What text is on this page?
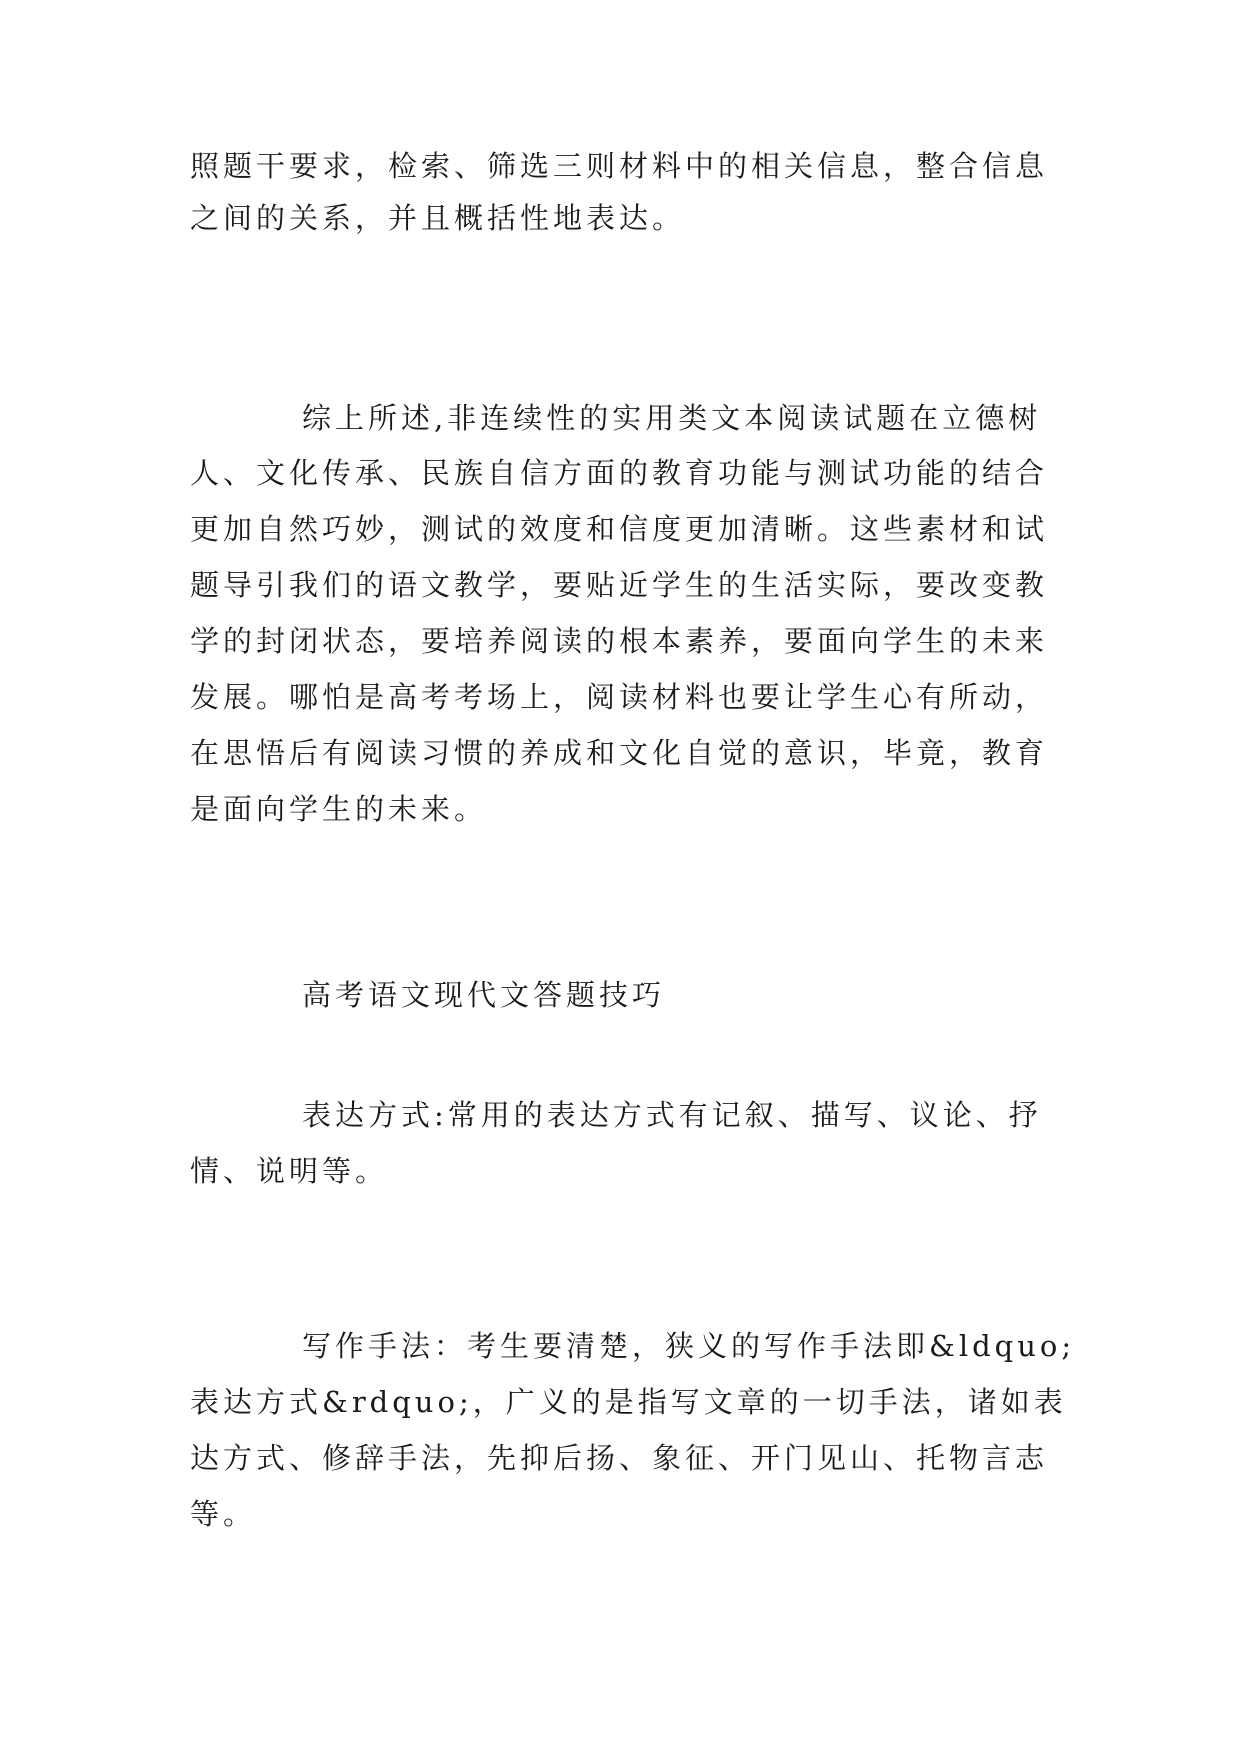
照题干要求，检索、筛选三则材料中的相关信息，整合信息
之间的关系，并且概括性地表达。
综上所述,非连续性的实用类文本阅读试题在立德树
人、文化传承、民族自信方面的教育功能与测试功能的结合
更加自然巧妙，测试的效度和信度更加清晰。这些素材和试
题导引我们的语文教学，要贴近学生的生活实际，要改变教
学的封闭状态，要培养阅读的根本素养，要面向学生的未来
发展。哪怕是高考考场上，阅读材料也要让学生心有所动，
在思悟后有阅读习惯的养成和文化自觉的意识，毕竟，教育
是面向学生的未来。
高考语文现代文答题技巧
表达方式:常用的表达方式有记叙、描写、议论、抒
情、说明等。
写作手法：考生要清楚，狭义的写作手法即&ldquo;
表达方式&rdquo;，广义的是指写文章的一切手法，诸如表
达方式、修辞手法，先抑后扬、象征、开门见山、托物言志
等。
